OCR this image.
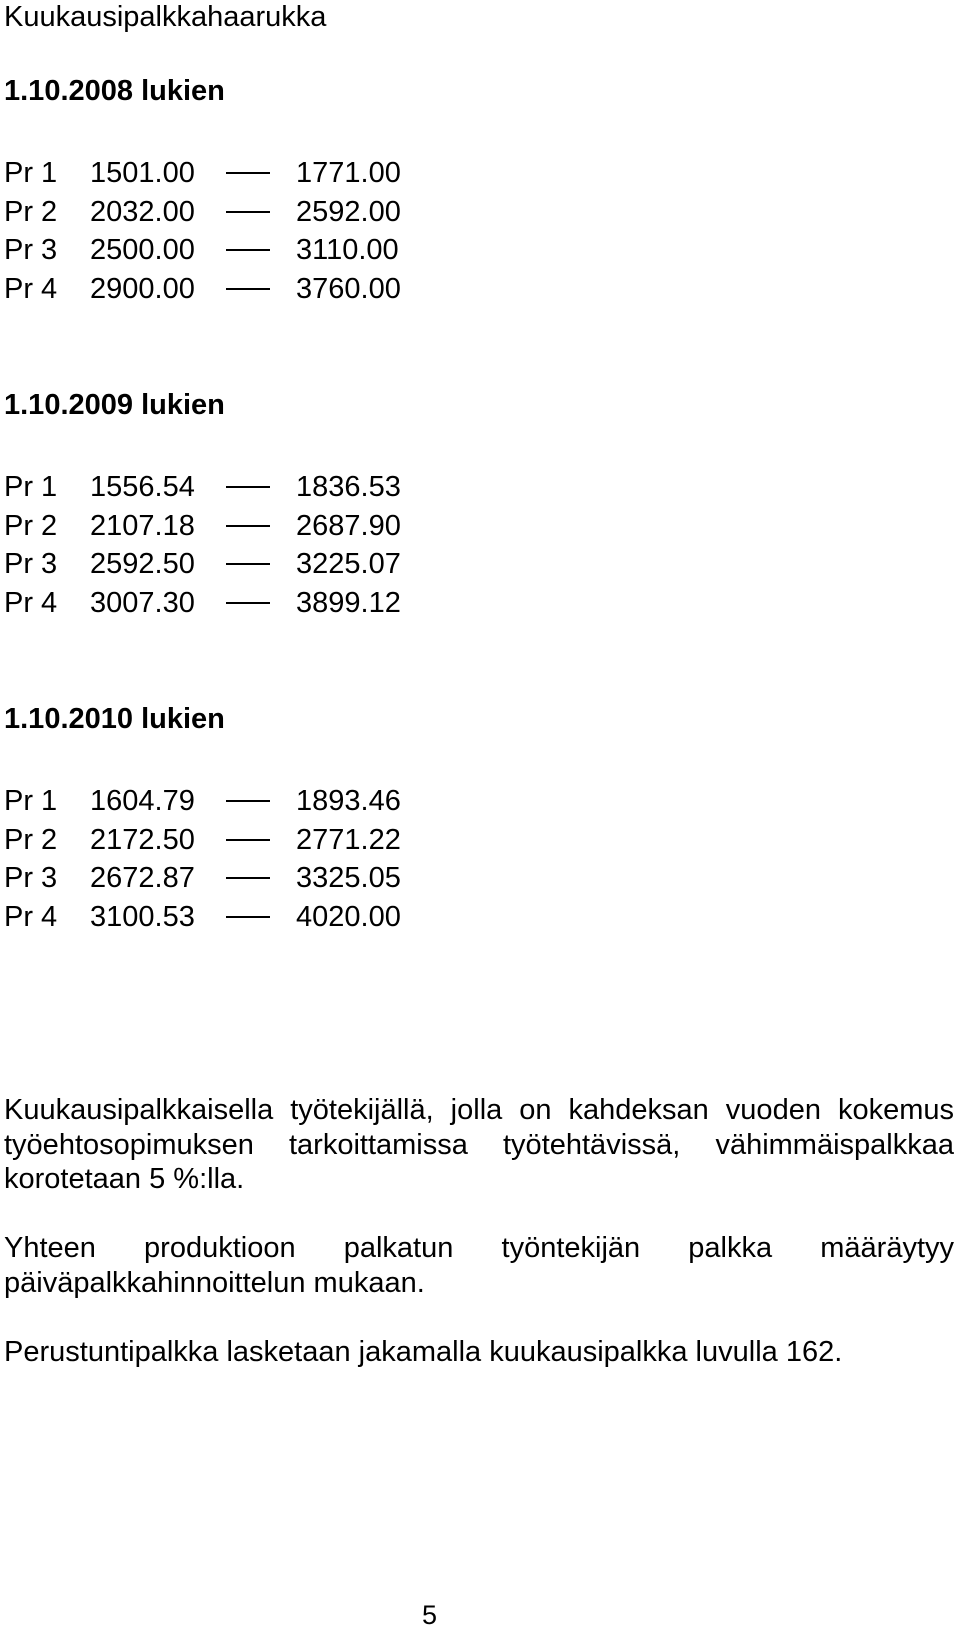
Kuukausipalkkahaarukka
1.10.2008 lukien
Pr 1	1501.00	1771.00
Pr 2	2032.00	2592.00
Pr 3	2500.00	3110.00
Pr 4	2900.00	3760.00
1.10.2009 lukien
Pr 1	1556.54	1836.53
Pr 2	2107.18	2687.90
Pr 3	2592.50	3225.07
Pr 4	3007.30	3899.12
1.10.2010 lukien
Pr 1	1604.79	1893.46
Pr 2	2172.50	2771.22
Pr 3	2672.87	3325.05
Pr 4	3100.53	4020.00

Kuukausipalkkaisella työtekijällä, jolla on kahdeksan vuoden kokemus työehtosopimuksen tarkoittamissa työtehtävissä, vähimmäispalkkaa korotetaan 5 %:lla.

Yhteen produktioon palkatun työntekijän palkka määräytyy päiväpalkkahinnoittelun mukaan.

Perustuntipalkka lasketaan jakamalla kuukausipalkka luvulla 162.

5
